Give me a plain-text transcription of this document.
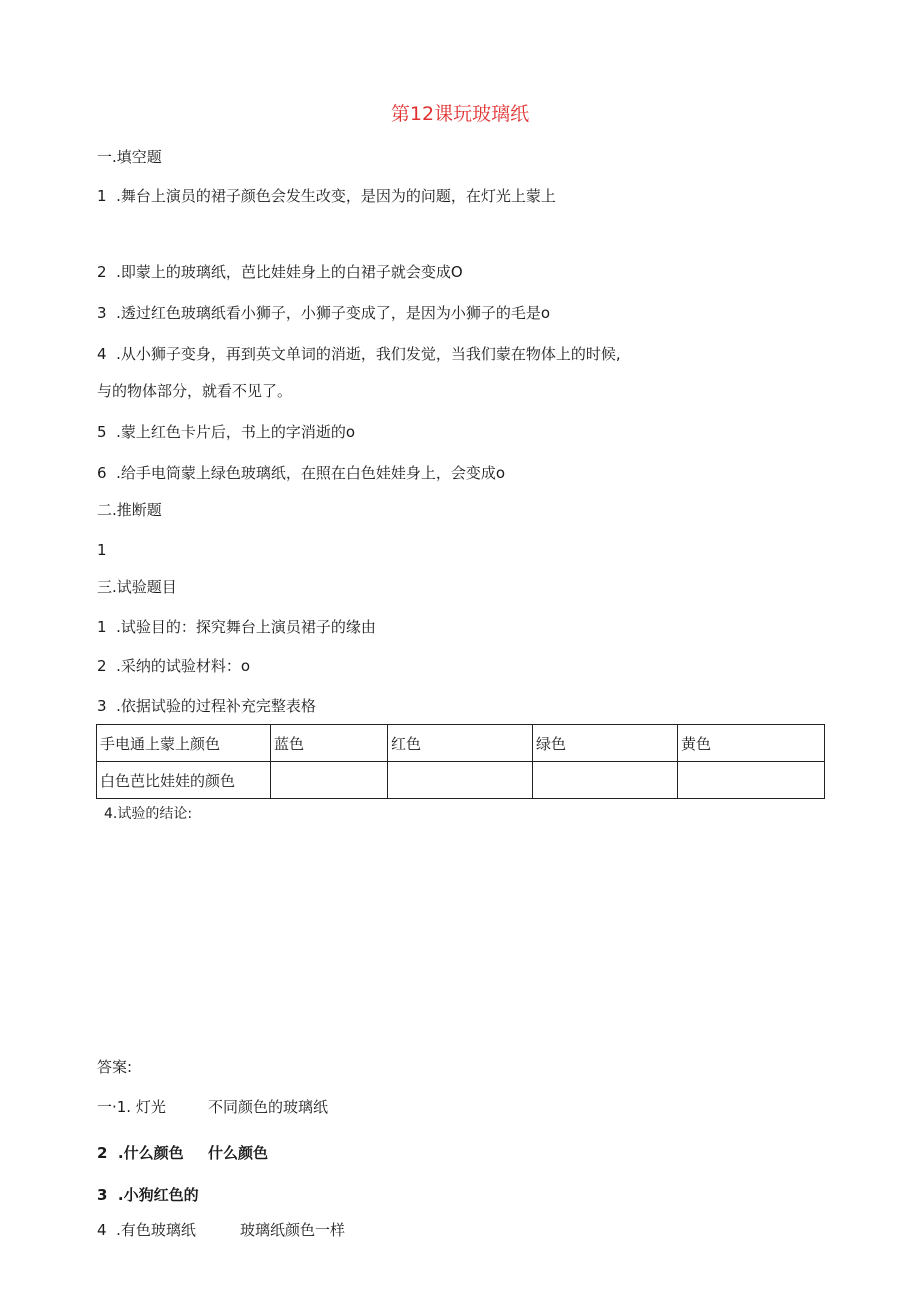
第12课玩玻璃纸
一.填空题
1  .舞台上演员的裙子颜色会发生改变，是因为的问题，在灯光上蒙上
2  .即蒙上的玻璃纸，芭比娃娃身上的白裙子就会变成O
3  .透过红色玻璃纸看小狮子，小狮子变成了，是因为小狮子的毛是o
4  .从小狮子变身，再到英文单词的消逝，我们发觉，当我们蒙在物体上的时候,
与的物体部分，就看不见了。
5  .蒙上红色卡片后，书上的字消逝的o
6  .给手电筒蒙上绿色玻璃纸，在照在白色娃娃身上，会变成o
二.推断题
1
三.试验题目
1  .试验目的：探究舞台上演员裙子的缘由
2  .采纳的试验材料：o
3  .依据试验的过程补充完整表格
手电通上蒙上颜色	蓝色	红色	绿色	黄色
白色芭比娃娃的颜色				
4.试验的结论:
答案:
一·1. 灯光	不同颜色的玻璃纸
2  .什么颜色 什么颜色
3  .小狗红色的
4  .有色玻璃纸	玻璃纸颜色一样
